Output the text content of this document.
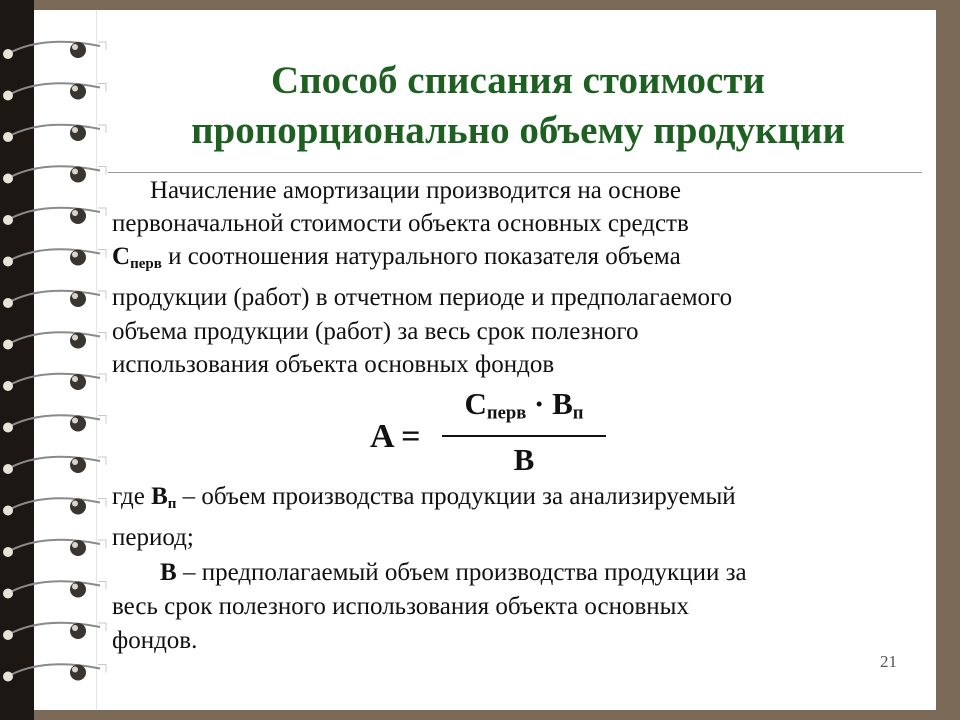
Способ списания стоимости
пропорционально объему продукции
Начисление амортизации производится на основе
первоначальной стоимости объекта основных средств
$С_{перв}$ и соотношения натурального показателя объема
продукции (работ) в отчетном периоде и предполагаемого
объема продукции (работ) за весь срок полезного
использования объекта основных фондов
A =
$С_{перв} \cdot B_п$
B
где $B_п$ – объем производства продукции за анализируемый
период;
B – предполагаемый объем производства продукции за
весь срок полезного использования объекта основных
фондов.
21
